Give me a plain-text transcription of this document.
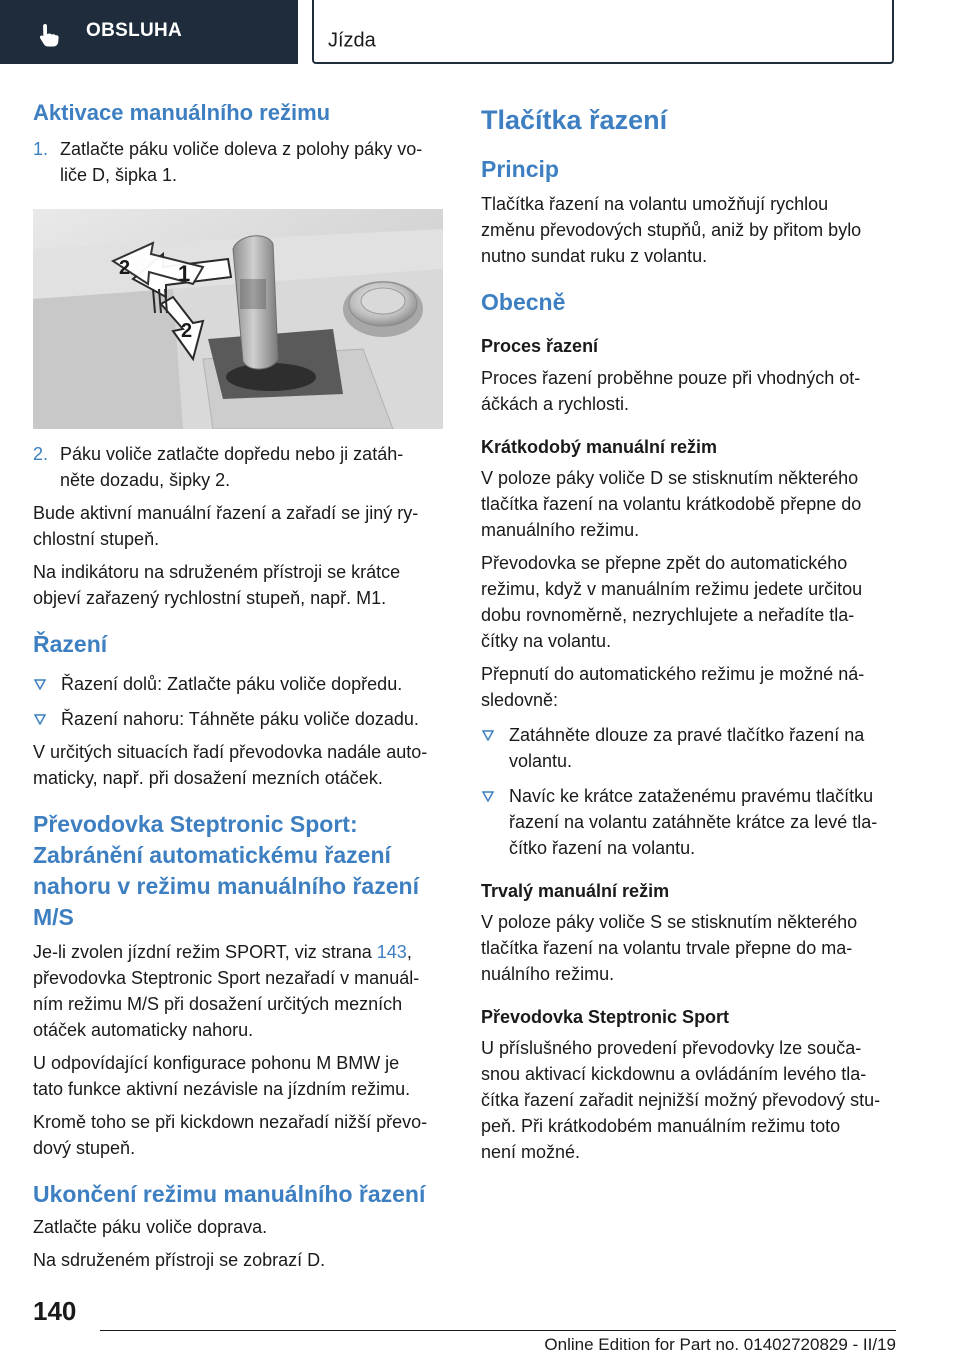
OBSLUHA	Jízda
Aktivace manuálního režimu
1. Zatlačte páku voliče doleva z polohy páky vo‐
liče D, šipka 1.
1
2
2
2. Páku voliče zatlačte dopředu nebo ji zatáh‐
něte dozadu, šipky 2.

Bude aktivní manuální řazení a zařadí se jiný ry‐
chlostní stupeň.

Na indikátoru na sdruženém přístroji se krátce
objeví zařazený rychlostní stupeň, např. M1.

Řazení
Řazení dolů: Zatlačte páku voliče dopředu.
Řazení nahoru: Táhněte páku voliče dozadu.

V určitých situacích řadí převodovka nadále auto‐
maticky, např. při dosažení mezních otáček.

Převodovka Steptronic Sport:
Zabránění automatickému řazení
nahoru v režimu manuálního řazení
M/S

Je-li zvolen jízdní režim SPORT, viz strana 143,
převodovka Steptronic Sport nezařadí v manuál‐
ním režimu M/S při dosažení určitých mezních
otáček automaticky nahoru.

U odpovídající konfigurace pohonu M BMW je
tato funkce aktivní nezávisle na jízdním režimu.

Kromě toho se při kickdown nezařadí nižší převo‐
dový stupeň.

Ukončení režimu manuálního řazení

Zatlačte páku voliče doprava.

Na sdruženém přístroji se zobrazí D.

Tlačítka řazení
Princip

Tlačítka řazení na volantu umožňují rychlou
změnu převodových stupňů, aniž by přitom bylo
nutno sundat ruku z volantu.

Obecně
Proces řazení

Proces řazení proběhne pouze při vhodných ot‐
áčkách a rychlosti.

Krátkodobý manuální režim

V poloze páky voliče D se stisknutím některého
tlačítka řazení na volantu krátkodobě přepne do
manuálního režimu.

Převodovka se přepne zpět do automatického
režimu, když v manuálním režimu jedete určitou
dobu rovnoměrně, nezrychlujete a neřadíte tla‐
čítky na volantu.

Přepnutí do automatického režimu je možné ná‐
sledovně:

Zatáhněte dlouze za pravé tlačítko řazení na
volantu.
Navíc ke krátce zataženému pravému tlačítku
řazení na volantu zatáhněte krátce za levé tla‐
čítko řazení na volantu.
Trvalý manuální režim

V poloze páky voliče S se stisknutím některého
tlačítka řazení na volantu trvale přepne do ma‐
nuálního režimu.

Převodovka Steptronic Sport

U příslušného provedení převodovky lze souča‐
snou aktivací kickdownu a ovládáním levého tla‐
čítka řazení zařadit nejnižší možný převodový stu‐
peň. Při krátkodobém manuálním režimu toto
není možné.

140
Online Edition for Part no. 01402720829 - II/19
